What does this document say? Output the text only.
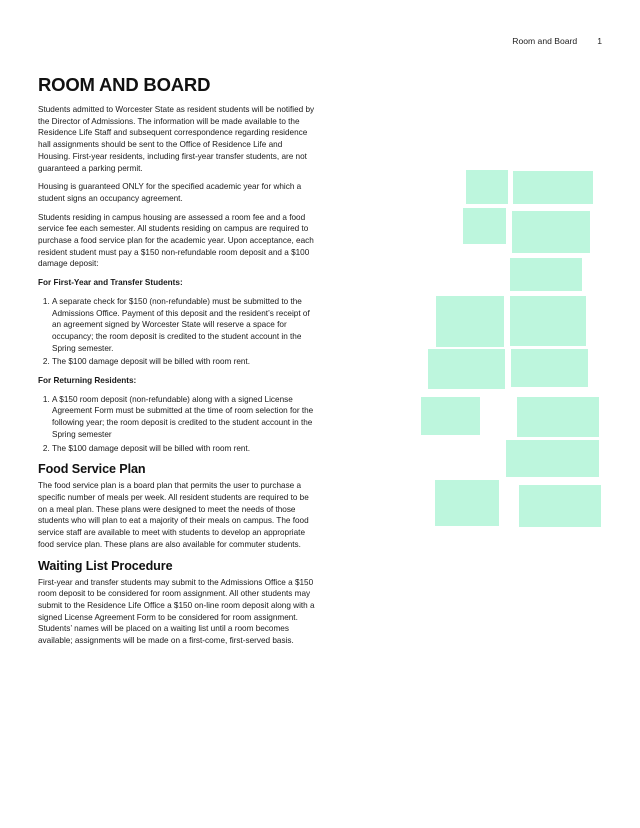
Room and Board 1
ROOM AND BOARD

Students admitted to Worcester State as resident students will be notified by the Director of Admissions. The information will be made available to the Residence Life Staff and subsequent correspondence regarding residence hall assignments should be sent to the Office of Residence Life and Housing. First-year residents, including first-year transfer students, are not guaranteed a parking permit.

Housing is guaranteed ONLY for the specified academic year for which a student signs an occupancy agreement.

Students residing in campus housing are assessed a room fee and a food service fee each semester. All students residing on campus are required to purchase a food service plan for the academic year. Upon acceptance, each resident student must pay a $150 non-refundable room deposit and a $100 damage deposit:

For First-Year and Transfer Students:

1. A separate check for $150 (non-refundable) must be submitted to the Admissions Office. Payment of this deposit and the resident’s receipt of an agreement signed by Worcester State will reserve a space for occupancy; the room deposit is credited to the student account in the Spring semester.
2. The $100 damage deposit will be billed with room rent.

For Returning Residents:

1. A $150 room deposit (non-refundable) along with a signed License Agreement Form must be submitted at the time of room selection for the following year; the room deposit is credited to the student account in the Spring semester
2. The $100 damage deposit will be billed with room rent.
Food Service Plan

The food service plan is a board plan that permits the user to purchase a specific number of meals per week. All resident students are required to be on a meal plan. These plans were designed to meet the needs of those students who will plan to eat a majority of their meals on campus. The food service staff are available to meet with students to develop an appropriate food service plan. These plans are also available for commuter students.

Waiting List Procedure

First-year and transfer students may submit to the Admissions Office a $150 room deposit to be considered for room assignment. All other students may submit to the Residence Life Office a $150 on-line room deposit along with a signed License Agreement Form to be considered for room assignment. Students’ names will be placed on a waiting list until a room becomes available; assignments will be made on a first-come, first-served basis.
